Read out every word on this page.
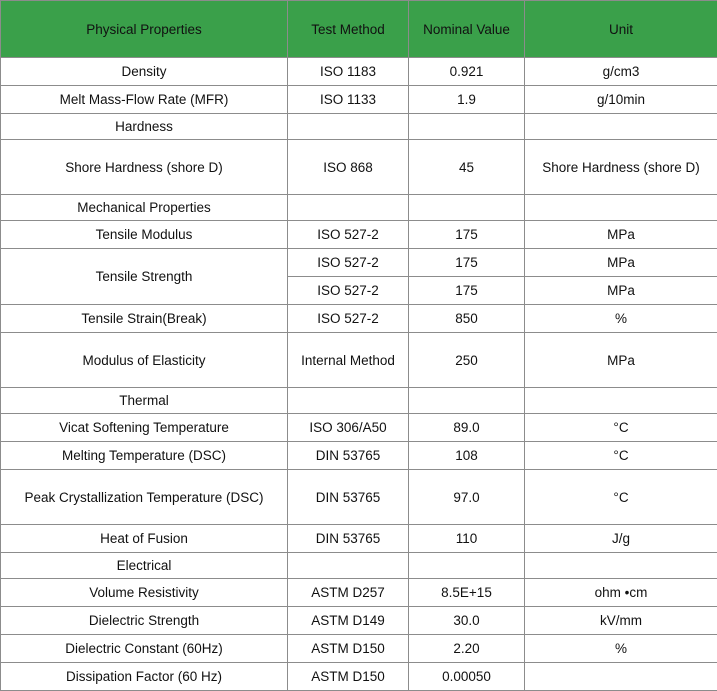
Physical Properties	Test Method	Nominal Value	Unit
Density	ISO 1183	0.921	g/cm3
Melt Mass-Flow Rate (MFR)	ISO 1133	1.9	g/10min
Hardness			
Shore Hardness (shore D)	ISO 868	45	Shore Hardness (shore D)
Mechanical Properties			
Tensile Modulus	ISO 527-2	175	MPa
Tensile Strength	ISO 527-2	175	MPa
	ISO 527-2	175	MPa
Tensile Strain(Break)	ISO 527-2	850	%
Modulus of Elasticity	Internal Method	250	MPa
Thermal			
Vicat Softening Temperature	ISO 306/A50	89.0	°C
Melting Temperature (DSC)	DIN 53765	108	°C
Peak Crystallization Temperature (DSC)	DIN 53765	97.0	°C
Heat of Fusion	DIN 53765	110	J/g
Electrical			
Volume Resistivity	ASTM D257	8.5E+15	ohm •cm
Dielectric Strength	ASTM D149	30.0	kV/mm
Dielectric Constant (60Hz)	ASTM D150	2.20	%
Dissipation Factor (60 Hz)	ASTM D150	0.00050	
